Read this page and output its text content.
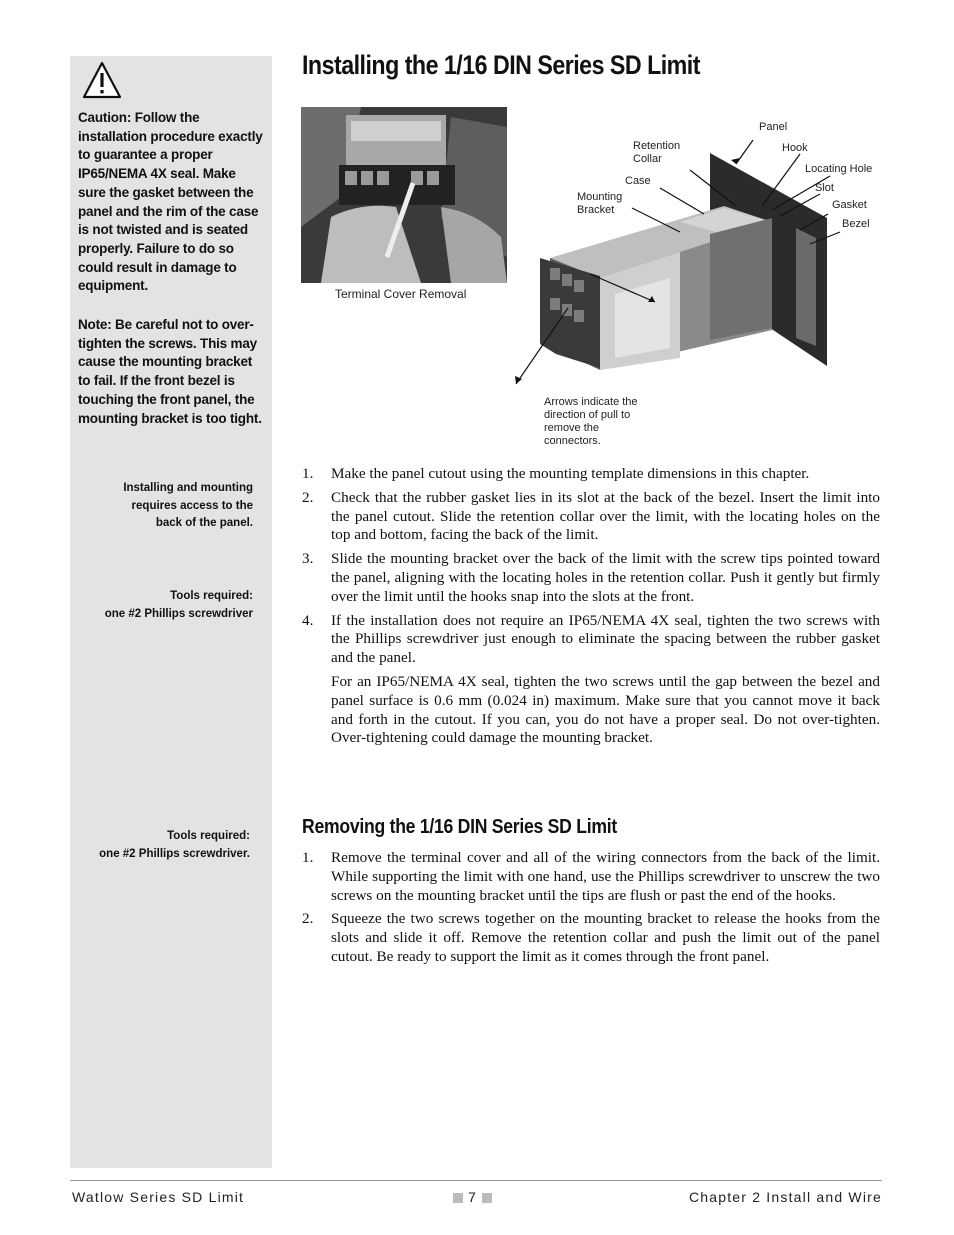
Caution: Follow the installation procedure exactly to guarantee a proper IP65/NEMA 4X seal. Make sure the gasket between the panel and the rim of the case is not twisted and is seated properly. Failure to do so could result in damage to equipment.
Note: Be careful not to over-tighten the screws. This may cause the mounting bracket to fail. If the front bezel is touching the front panel, the mounting bracket is too tight.
Installing and mounting
requires access to the
back of the panel.
Tools required:
one #2 Phillips screwdriver
Tools required:
one #2 Phillips screwdriver.
Installing the 1/16 DIN Series SD Limit
Terminal Cover Removal
Panel
Hook
Retention
Collar
Locating Hole
Case
Slot
Mounting
Bracket	Gasket
Bezel
Arrows indicate the
direction of pull to
remove the
connectors.
1. Make the panel cutout using the mounting template dimensions in this chapter.

2. Check that the rubber gasket lies in its slot at the back of the bezel. Insert the limit into the panel cutout. Slide the retention collar over the limit, with the locating holes on the top and bottom, facing the back of the limit.

3. Slide the mounting bracket over the back of the limit with the screw tips pointed toward the panel, aligning with the locating holes in the retention collar. Push it gently but firmly over the limit until the hooks snap into the slots at the front.

4. If the installation does not require an IP65/NEMA 4X seal, tighten the two screws with the Phillips screwdriver just enough to eliminate the spacing between the rubber gasket and the panel.

For an IP65/NEMA 4X seal, tighten the two screws until the gap between the bezel and panel surface is 0.6 mm (0.024 in) maximum. Make sure that you cannot move it back and forth in the cutout. If you can, you do not have a proper seal. Do not over-tighten. Over-tightening could damage the mounting bracket.

Removing the 1/16 DIN Series SD Limit
1. Remove the terminal cover and all of the wiring connectors from the back of the limit. While supporting the limit with one hand, use the Phillips screwdriver to unscrew the two screws on the mounting bracket until the tips are flush or past the end of the hooks.

2. Squeeze the two screws together on the mounting bracket to release the hooks from the slots and slide it off. Remove the retention collar and push the limit out of the panel cutout. Be ready to support the limit as it comes through the front panel.

Watlow Series SD Limit	7	Chapter 2 Install and Wire
